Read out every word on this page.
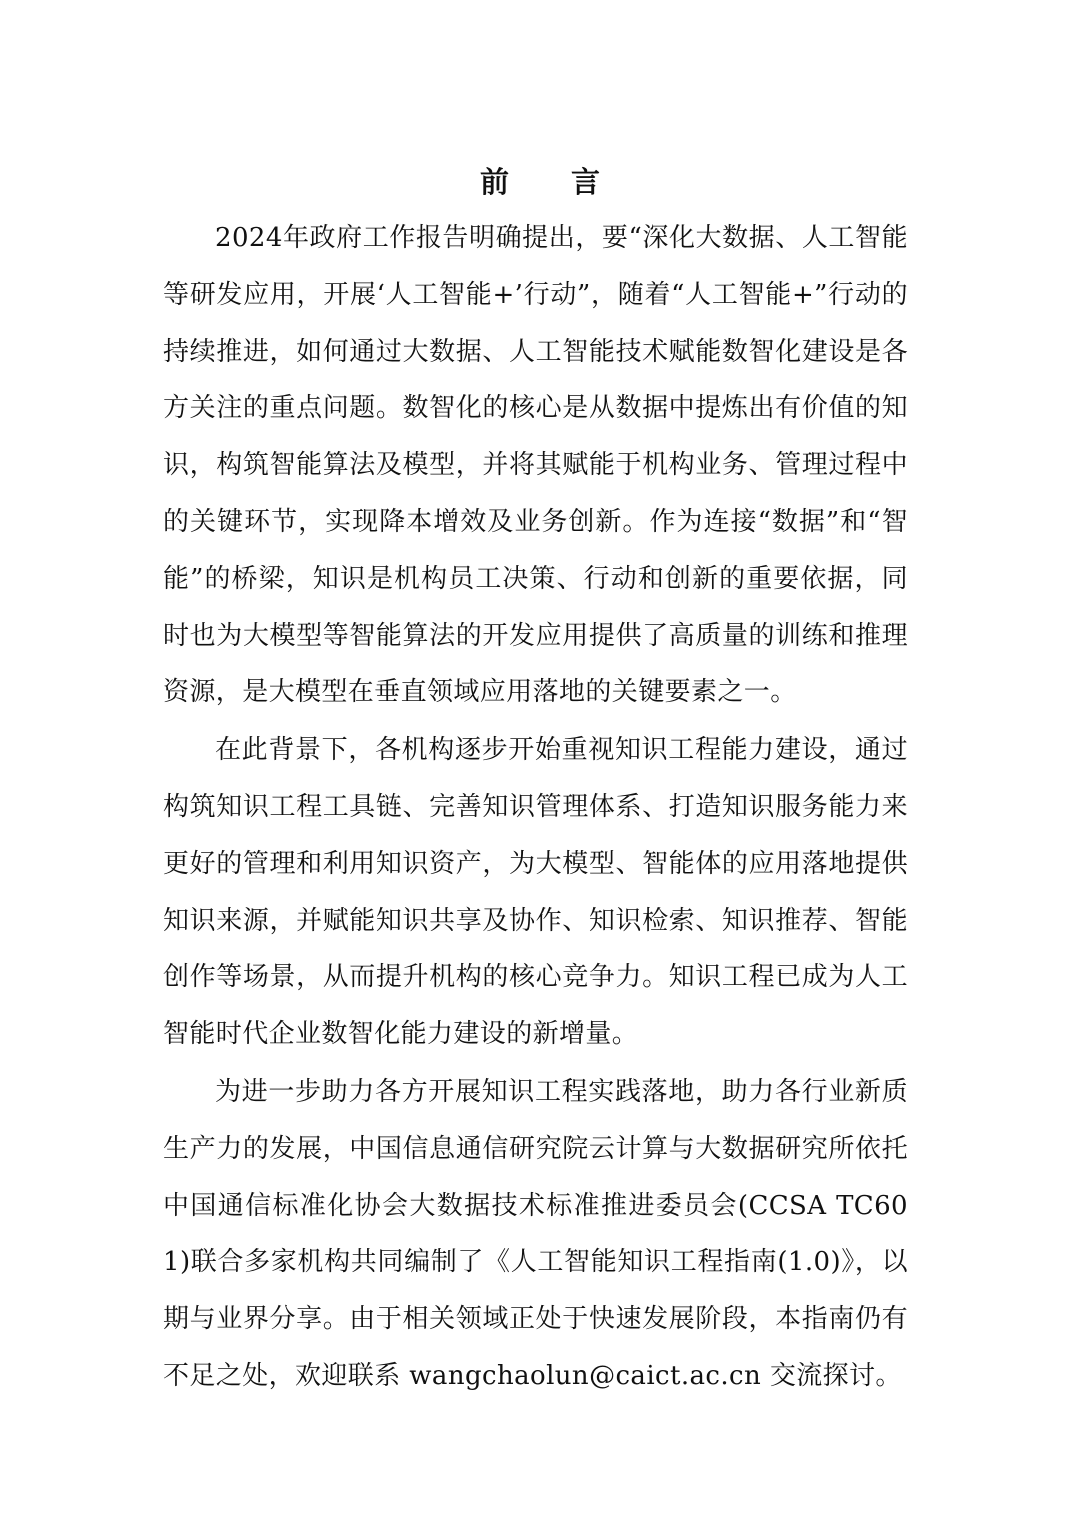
前 言

2024年政府工作报告明确提出，要“深化大数据、人工智能等研发应用，开展‘人工智能+’行动”，随着“人工智能+”行动的持续推进，如何通过大数据、人工智能技术赋能数智化建设是各方关注的重点问题。数智化的核心是从数据中提炼出有价值的知识，构筑智能算法及模型，并将其赋能于机构业务、管理过程中的关键环节，实现降本增效及业务创新。作为连接“数据”和“智能”的桥梁，知识是机构员工决策、行动和创新的重要依据，同时也为大模型等智能算法的开发应用提供了高质量的训练和推理资源，是大模型在垂直领域应用落地的关键要素之一。

在此背景下，各机构逐步开始重视知识工程能力建设，通过构筑知识工程工具链、完善知识管理体系、打造知识服务能力来更好的管理和利用知识资产，为大模型、智能体的应用落地提供知识来源，并赋能知识共享及协作、知识检索、知识推荐、智能创作等场景，从而提升机构的核心竞争力。知识工程已成为人工智能时代企业数智化能力建设的新增量。

为进一步助力各方开展知识工程实践落地，助力各行业新质生产力的发展，中国信息通信研究院云计算与大数据研究所依托中国通信标准化协会大数据技术标准推进委员会(CCSA TC601)联合多家机构共同编制了《人工智能知识工程指南(1.0)》，以期与业界分享。由于相关领域正处于快速发展阶段，本指南仍有不足之处，欢迎联系 wangchaolun@caict.ac.cn 交流探讨。
